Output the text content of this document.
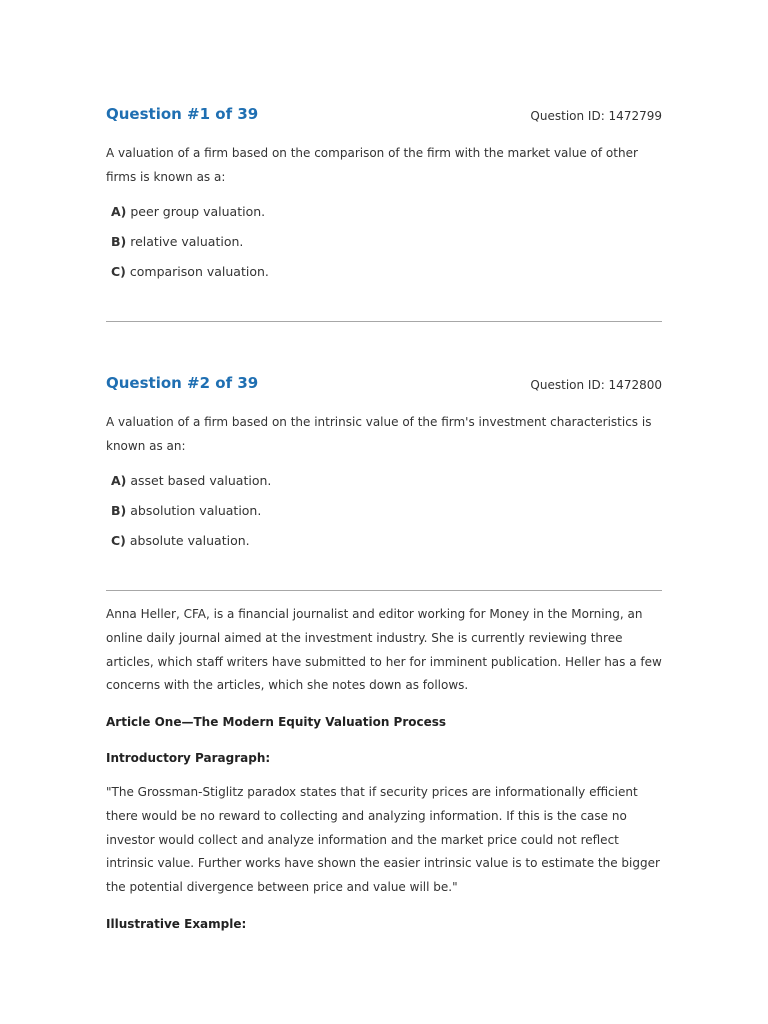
Question #1 of 39	Question ID: 1472799

A valuation of a firm based on the comparison of the firm with the market value of other firms is known as a:

A) peer group valuation.
B) relative valuation.
C) comparison valuation.
Question #2 of 39	Question ID: 1472800

A valuation of a firm based on the intrinsic value of the firm's investment characteristics is known as an:

A) asset based valuation.
B) absolution valuation.
C) absolute valuation.

Anna Heller, CFA, is a financial journalist and editor working for Money in the Morning, an online daily journal aimed at the investment industry. She is currently reviewing three articles, which staff writers have submitted to her for imminent publication. Heller has a few concerns with the articles, which she notes down as follows.

Article One—The Modern Equity Valuation Process

Introductory Paragraph:

"The Grossman-Stiglitz paradox states that if security prices are informationally efficient there would be no reward to collecting and analyzing information. If this is the case no investor would collect and analyze information and the market price could not reflect intrinsic value. Further works have shown the easier intrinsic value is to estimate the bigger the potential divergence between price and value will be."

Illustrative Example:
